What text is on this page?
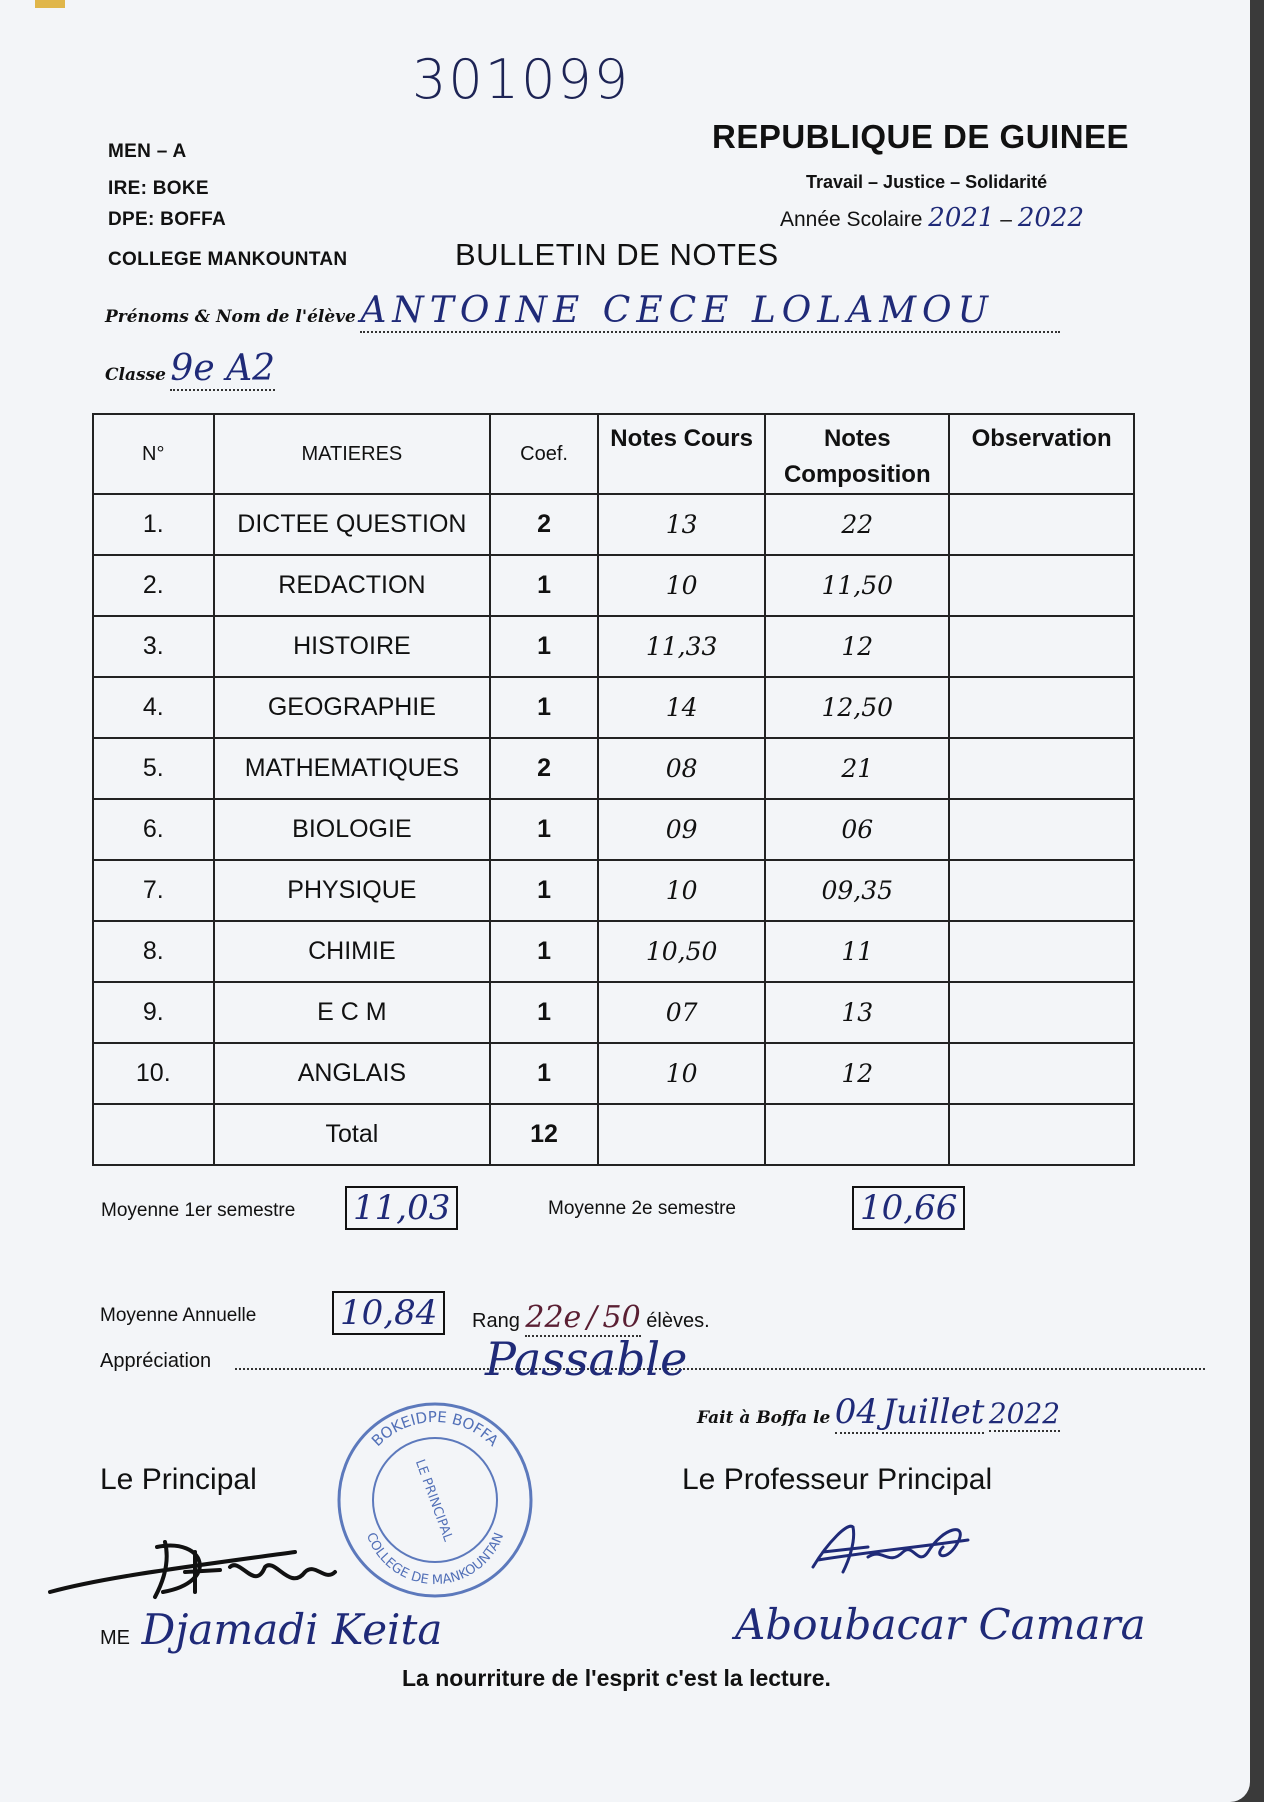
301099
MEN – A
IRE: BOKE
DPE: BOFFA
COLLEGE MANKOUNTAN
REPUBLIQUE DE GUINEE
Travail – Justice – Solidarité
Année Scolaire 2021 – 2022
BULLETIN DE NOTES
Prénoms & Nom de l'élève ANTOINE CECE LOLAMOU
Classe 9e A2
N°	MATIERES	Coef.	Notes Cours	Notes Composition	Observation
1.	DICTEE QUESTION	2	13	22	
2.	REDACTION	1	10	11,50	
3.	HISTOIRE	1	11,33	12	
4.	GEOGRAPHIE	1	14	12,50	
5.	MATHEMATIQUES	2	08	21	
6.	BIOLOGIE	1	09	06	
7.	PHYSIQUE	1	10	09,35	
8.	CHIMIE	1	10,50	11	
9.	E C M	1	07	13	
10.	ANGLAIS	1	10	12	
	Total	12			
Moyenne 1er semestre 11,03	Moyenne 2e semestre	10,66
Moyenne Annuelle 10,84	Rang 22e / 50 élèves.
Appréciation	Passable
Fait à Boffa le 04 Juillet 2022
Le Principal	Le Professeur Principal
BOKEIDPE BOFFA
COLLEGE DE MANKOUNTAN
LE PRINCIPAL
ME Djamadi Keita	Aboubacar Camara
La nourriture de l'esprit c'est la lecture.
